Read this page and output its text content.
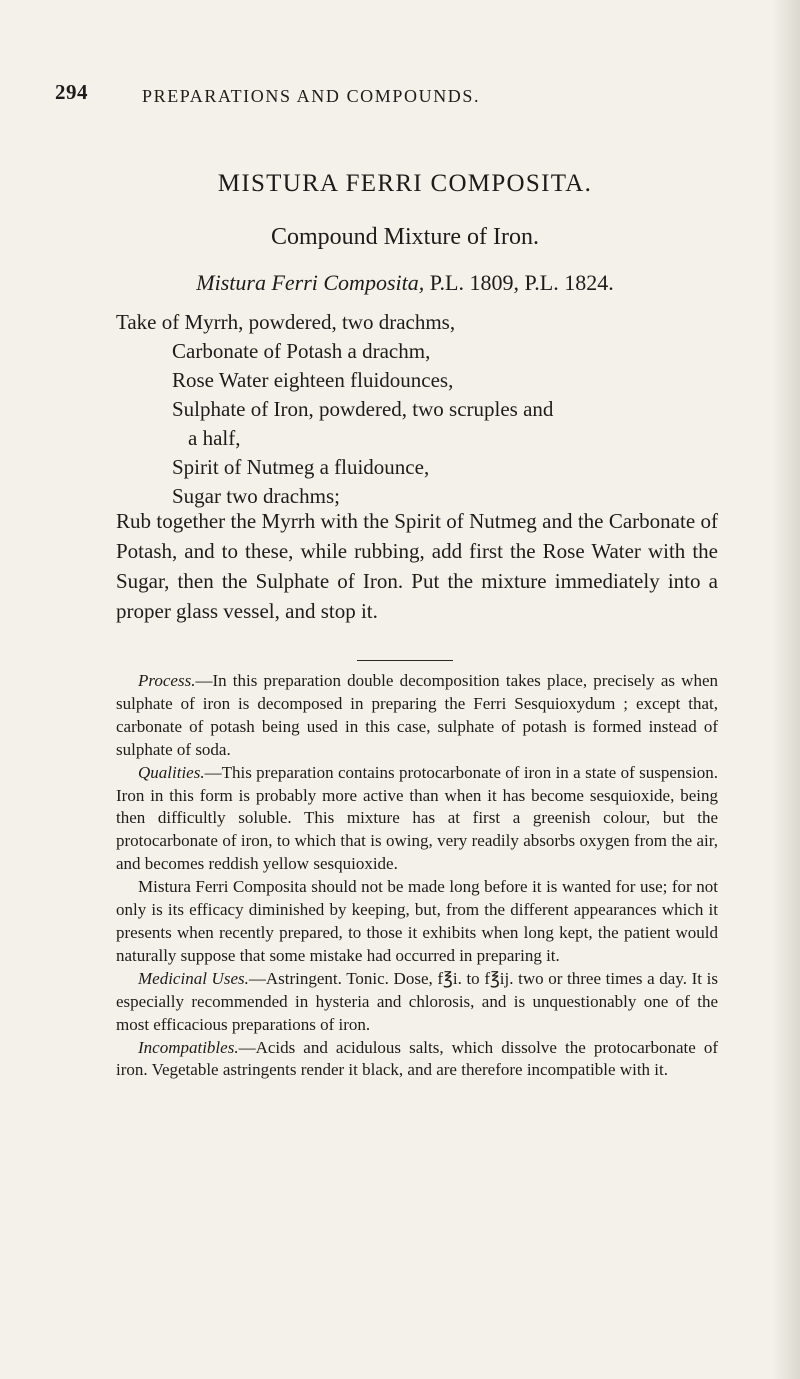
294	PREPARATIONS AND COMPOUNDS.
MISTURA FERRI COMPOSITA.
Compound Mixture of Iron.
Mistura Ferri Composita, P.L. 1809, P.L. 1824.
Take of Myrrh, powdered, two drachms,
Carbonate of Potash a drachm,
Rose Water eighteen fluidounces,
Sulphate of Iron, powdered, two scruples and
a half,
Spirit of Nutmeg a fluidounce,
Sugar two drachms;
Rub together the Myrrh with the Spirit of Nutmeg and the Carbonate of Potash, and to these, while rubbing, add first the Rose Water with the Sugar, then the Sulphate of Iron. Put the mixture immediately into a proper glass vessel, and stop it.

Process.—In this preparation double decomposition takes place, precisely as when sulphate of iron is decomposed in preparing the Ferri Sesquioxydum ; except that, carbonate of potash being used in this case, sulphate of potash is formed instead of sulphate of soda.

Qualities.—This preparation contains protocarbonate of iron in a state of suspension. Iron in this form is probably more active than when it has become sesquioxide, being then difficultly soluble. This mixture has at first a greenish colour, but the protocarbonate of iron, to which that is owing, very readily absorbs oxygen from the air, and becomes reddish yellow sesquioxide.

Mistura Ferri Composita should not be made long before it is wanted for use; for not only is its efficacy diminished by keeping, but, from the different appearances which it presents when recently prepared, to those it exhibits when long kept, the patient would naturally suppose that some mistake had occurred in preparing it.

Medicinal Uses.—Astringent. Tonic. Dose, f℥i. to f℥ij. two or three times a day. It is especially recommended in hysteria and chlorosis, and is unquestionably one of the most efficacious preparations of iron.

Incompatibles.—Acids and acidulous salts, which dissolve the protocarbonate of iron. Vegetable astringents render it black, and are therefore incompatible with it.
